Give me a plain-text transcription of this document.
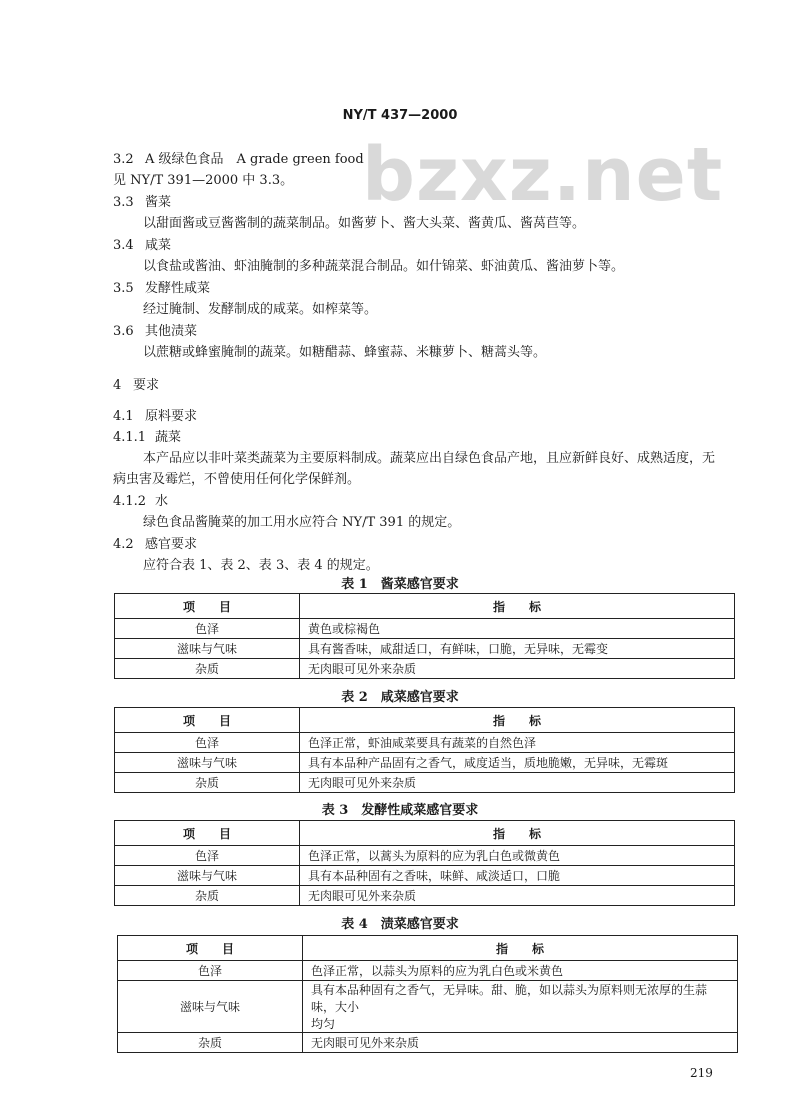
bzxz.net
NY/T 437—2000
3.2 A 级绿色食品　A grade green food
见 NY/T 391—2000 中 3.3。
3.3 酱菜
以甜面酱或豆酱酱制的蔬菜制品。如酱萝卜、酱大头菜、酱黄瓜、酱莴苣等。
3.4 咸菜
以食盐或酱油、虾油腌制的多种蔬菜混合制品。如什锦菜、虾油黄瓜、酱油萝卜等。
3.5 发酵性咸菜
经过腌制、发酵制成的咸菜。如榨菜等。
3.6 其他渍菜
以蔗糖或蜂蜜腌制的蔬菜。如糖醋蒜、蜂蜜蒜、米糠萝卜、糖蒿头等。
4 要求
4.1 原料要求
4.1.1 蔬菜
本产品应以非叶菜类蔬菜为主要原料制成。蔬菜应出自绿色食品产地，且应新鲜良好、成熟适度，无
病虫害及霉烂，不曾使用任何化学保鲜剂。
4.1.2 水
绿色食品酱腌菜的加工用水应符合 NY/T 391 的规定。
4.2 感官要求
应符合表 1、表 2、表 3、表 4 的规定。
表 1　酱菜感官要求
项　　目	指　　标
色泽	黄色或棕褐色
滋味与气味	具有酱香味，咸甜适口，有鲜味，口脆，无异味，无霉变
杂质	无肉眼可见外来杂质
表 2　咸菜感官要求
项　　目	指　　标
色泽	色泽正常，虾油咸菜要具有蔬菜的自然色泽
滋味与气味	具有本品种产品固有之香气，咸度适当，质地脆嫩，无异味，无霉斑
杂质	无肉眼可见外来杂质
表 3　发酵性咸菜感官要求
项　　目	指　　标
色泽	色泽正常，以蒿头为原料的应为乳白色或微黄色
滋味与气味	具有本品种固有之香味，味鲜、咸淡适口，口脆
杂质	无肉眼可见外来杂质
表 4　渍菜感官要求
项　　目	指　　标
色泽	色泽正常，以蒜头为原料的应为乳白色或米黄色
滋味与气味	具有本品种固有之香气，无异味。甜、脆，如以蒜头为原料则无浓厚的生蒜味，大小
均匀

杂质	无肉眼可见外来杂质
219
